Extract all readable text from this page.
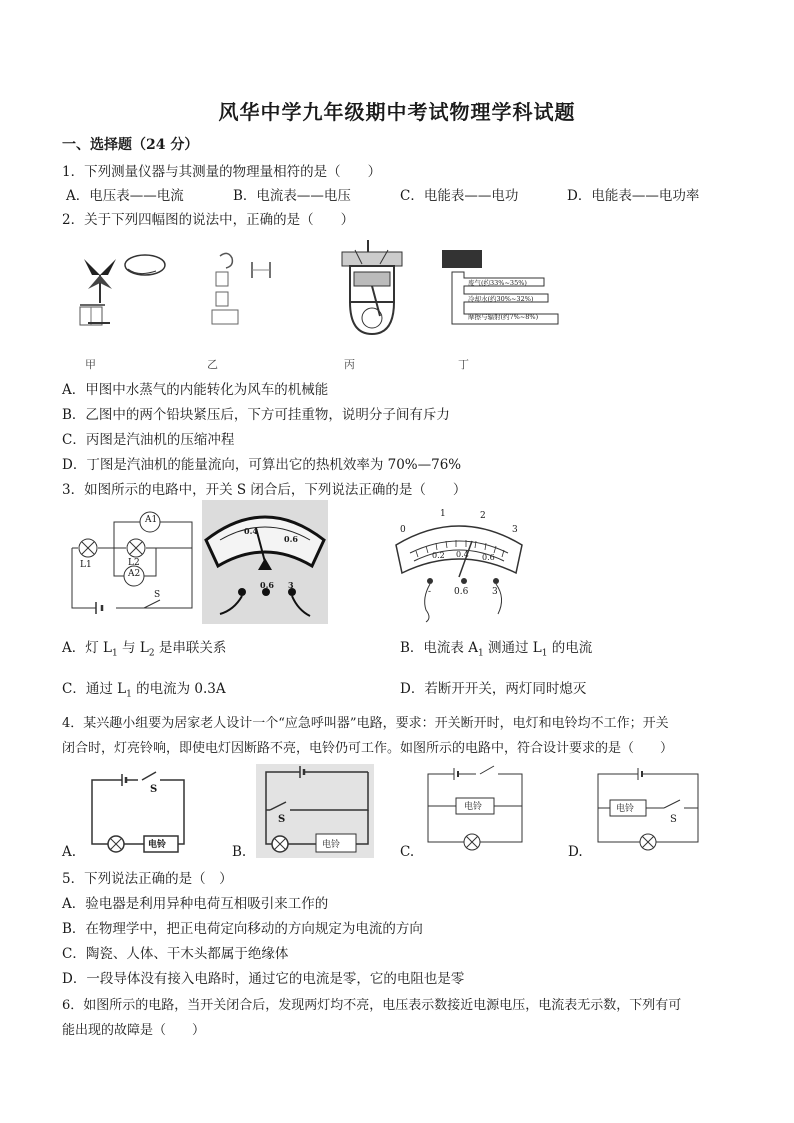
风华中学九年级期中考试物理学科试题
一、选择题（24 分）
1．下列测量仪器与其测量的物理量相符的是（　　）
A．电压表——电流	B．电流表——电压	C．电能表——电功	D．电能表——电功率
2．关于下列四幅图的说法中，正确的是（　　）
甲	乙	丙
废气(约33%~35%)
冷却水(约30%~32%)
摩擦与辐射(约7%~8%)
丁
A．甲图中水蒸气的内能转化为风车的机械能
B．乙图中的两个铅块紧压后，下方可挂重物，说明分子间有斥力
C．丙图是汽油机的压缩冲程
D．丁图是汽油机的能量流向，可算出它的热机效率为 70%—76%
3．如图所示的电路中，开关 S 闭合后，下列说法正确的是（　　）
A1
A2
L1	L2
S
0.4
0.6
0.6 3
0
1	2
3
0.2 0.4 0.6
-	0.6	3
A．灯 $L_1$ 与 $L_2$ 是串联关系	B．电流表 $A_1$ 测通过 $L_1$ 的电流
C．通过 $L_1$ 的电流为 0.3A	D．若断开开关，两灯同时熄灭
4．某兴趣小组要为居家老人设计一个“应急呼叫器”电路，要求：开关断开时，电灯和电铃均不工作；开关
闭合时，灯亮铃响，即使电灯因断路不亮，电铃仍可工作。如图所示的电路中，符合设计要求的是（　　）
S
电铃
A.
S
电铃
B.
电铃
C.
电铃
S
D.
5．下列说法正确的是（　）
A．验电器是利用异种电荷互相吸引来工作的
B．在物理学中，把正电荷定向移动的方向规定为电流的方向
C．陶瓷、人体、干木头都属于绝缘体
D．一段导体没有接入电路时，通过它的电流是零，它的电阻也是零
6．如图所示的电路，当开关闭合后，发现两灯均不亮，电压表示数接近电源电压，电流表无示数，下列有可
能出现的故障是（　　）
